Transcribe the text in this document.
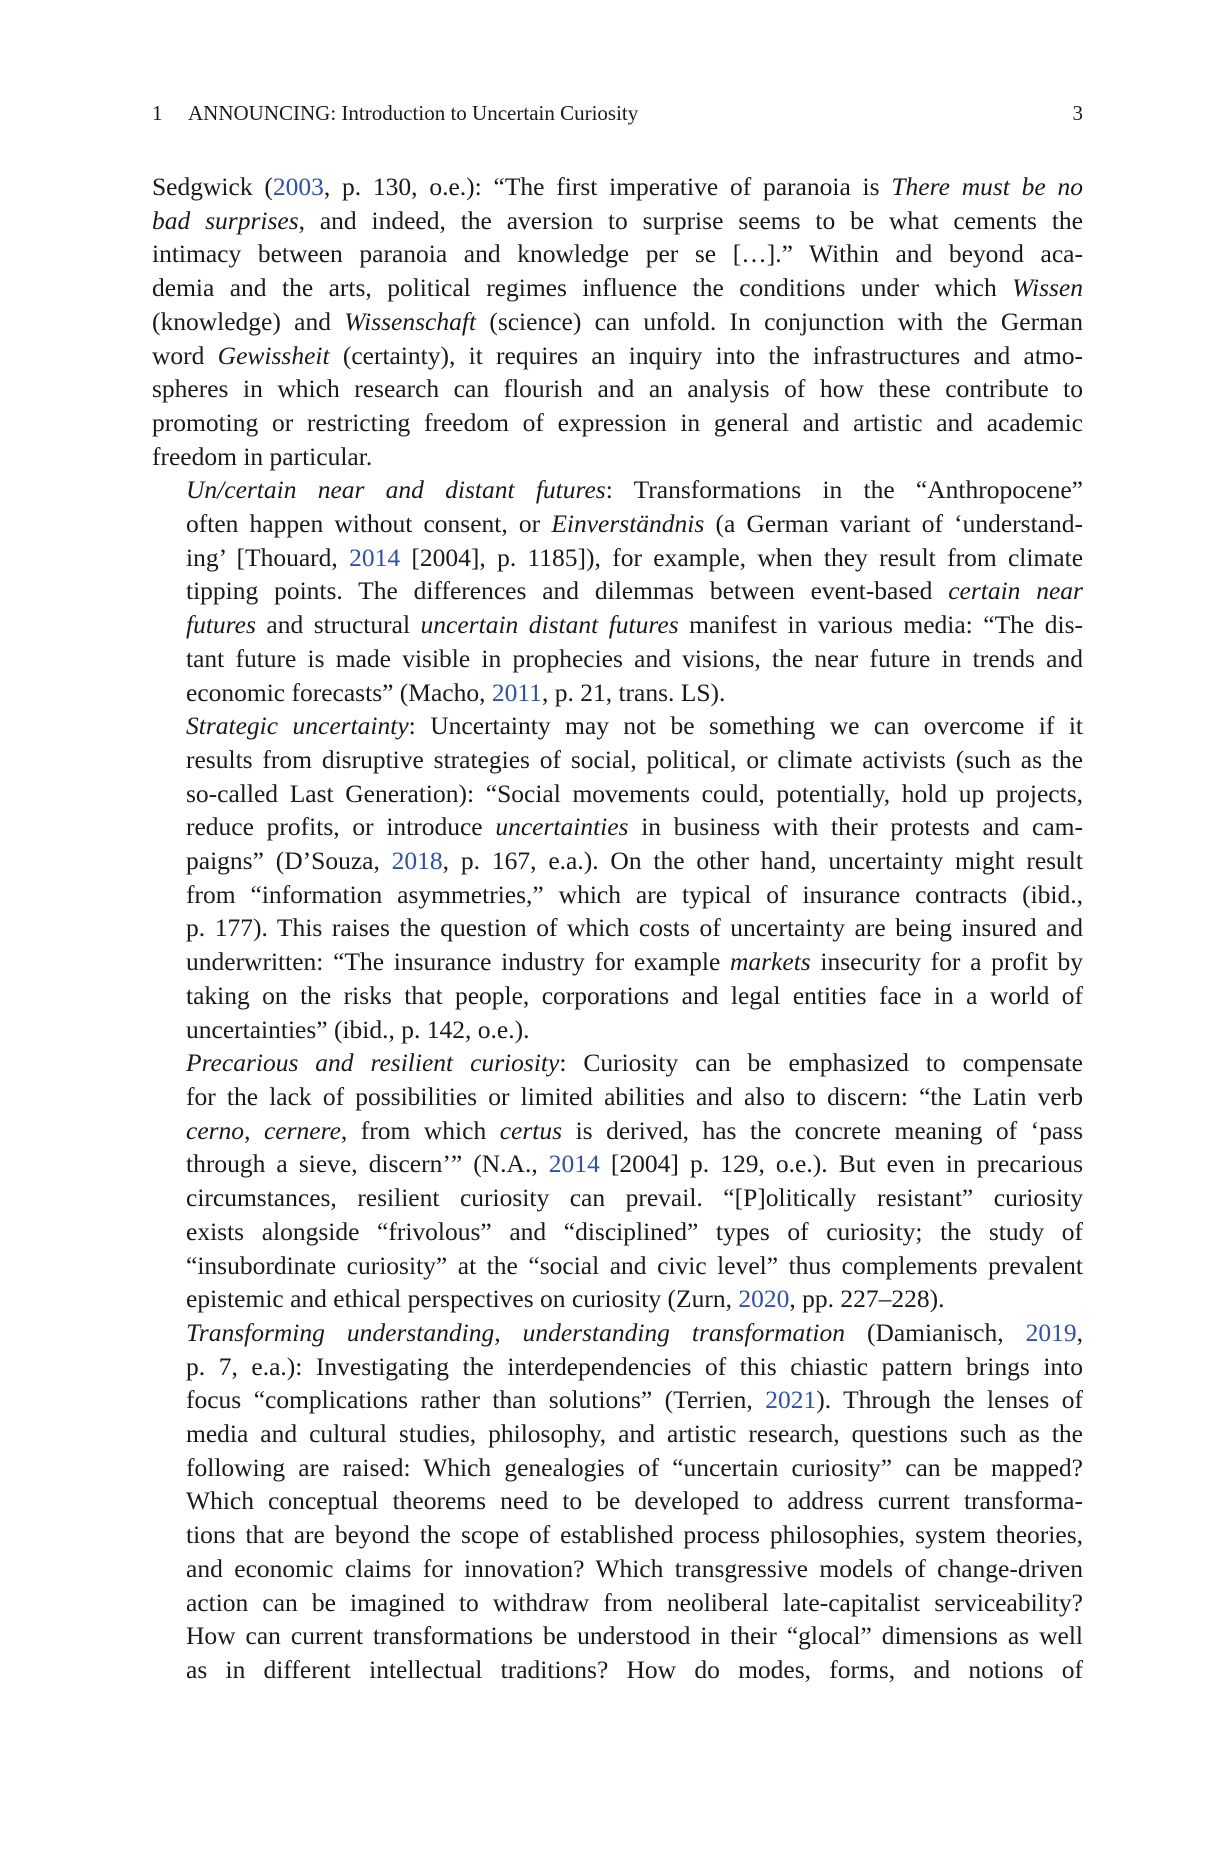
1 ANNOUNCING: Introduction to Uncertain Curiosity	3

Sedgwick (2003, p. 130, o.e.): “The first imperative of paranoia is There must be no
bad surprises, and indeed, the aversion to surprise seems to be what cements the
intimacy between paranoia and knowledge per se […].” Within and beyond aca-
demia and the arts, political regimes influence the conditions under which Wissen
(knowledge) and Wissenschaft (science) can unfold. In conjunction with the German
word Gewissheit (certainty), it requires an inquiry into the infrastructures and atmo-
spheres in which research can flourish and an analysis of how these contribute to
promoting or restricting freedom of expression in general and artistic and academic
freedom in particular.

Un/certain near and distant futures: Transformations in the “Anthropocene”
often happen without consent, or Einverständnis (a German variant of ‘understand-
ing’ [Thouard, 2014 [2004], p. 1185]), for example, when they result from climate
tipping points. The differences and dilemmas between event-based certain near
futures and structural uncertain distant futures manifest in various media: “The dis-
tant future is made visible in prophecies and visions, the near future in trends and
economic forecasts” (Macho, 2011, p. 21, trans. LS).

Strategic uncertainty: Uncertainty may not be something we can overcome if it
results from disruptive strategies of social, political, or climate activists (such as the
so-called Last Generation): “Social movements could, potentially, hold up projects,
reduce profits, or introduce uncertainties in business with their protests and cam-
paigns” (D’Souza, 2018, p. 167, e.a.). On the other hand, uncertainty might result
from “information asymmetries,” which are typical of insurance contracts (ibid.,
p. 177). This raises the question of which costs of uncertainty are being insured and
underwritten: “The insurance industry for example markets insecurity for a profit by
taking on the risks that people, corporations and legal entities face in a world of
uncertainties” (ibid., p. 142, o.e.).

Precarious and resilient curiosity: Curiosity can be emphasized to compensate
for the lack of possibilities or limited abilities and also to discern: “the Latin verb
cerno, cernere, from which certus is derived, has the concrete meaning of ‘pass
through a sieve, discern’” (N.A., 2014 [2004] p. 129, o.e.). But even in precarious
circumstances, resilient curiosity can prevail. “[P]olitically resistant” curiosity
exists alongside “frivolous” and “disciplined” types of curiosity; the study of
“insubordinate curiosity” at the “social and civic level” thus complements prevalent
epistemic and ethical perspectives on curiosity (Zurn, 2020, pp. 227–228).

Transforming understanding, understanding transformation (Damianisch, 2019,
p. 7, e.a.): Investigating the interdependencies of this chiastic pattern brings into
focus “complications rather than solutions” (Terrien, 2021). Through the lenses of
media and cultural studies, philosophy, and artistic research, questions such as the
following are raised: Which genealogies of “uncertain curiosity” can be mapped?
Which conceptual theorems need to be developed to address current transforma-
tions that are beyond the scope of established process philosophies, system theories,
and economic claims for innovation? Which transgressive models of change-driven
action can be imagined to withdraw from neoliberal late-capitalist serviceability?
How can current transformations be understood in their “glocal” dimensions as well
as in different intellectual traditions? How do modes, forms, and notions of
